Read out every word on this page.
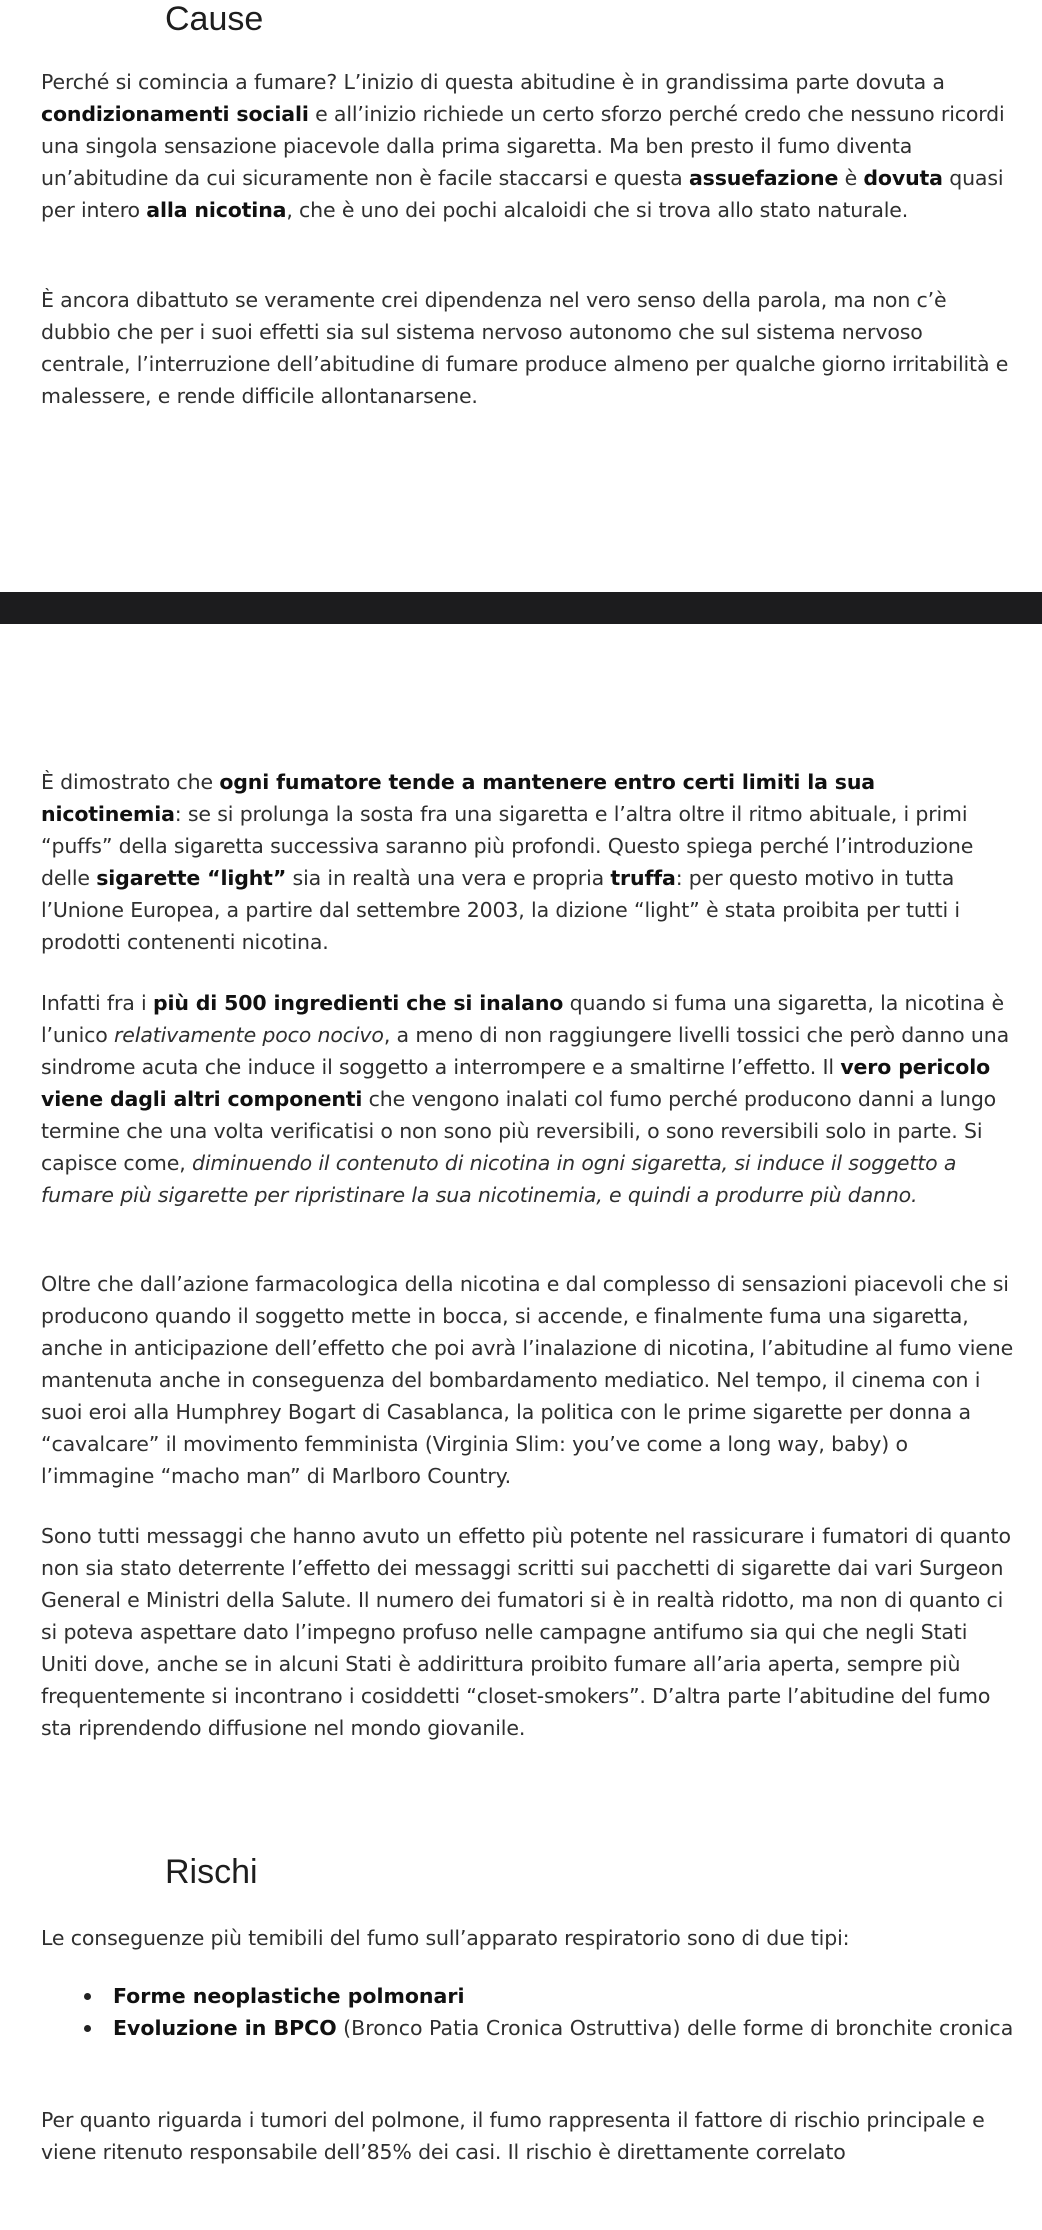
Cause

Perché si comincia a fumare? L’inizio di questa abitudine è in grandissima parte dovuta a condizionamenti sociali e all’inizio richiede un certo sforzo perché credo che nessuno ricordi una singola sensazione piacevole dalla prima sigaretta. Ma ben presto il fumo diventa un’abitudine da cui sicuramente non è facile staccarsi e questa assuefazione è dovuta quasi per intero alla nicotina, che è uno dei pochi alcaloidi che si trova allo stato naturale.

È ancora dibattuto se veramente crei dipendenza nel vero senso della parola, ma non c’è dubbio che per i suoi effetti sia sul sistema nervoso autonomo che sul sistema nervoso centrale, l’interruzione dell’abitudine di fumare produce almeno per qualche giorno irritabilità e malessere, e rende difficile allontanarsene.

È dimostrato che ogni fumatore tende a mantenere entro certi limiti la sua nicotinemia: se si prolunga la sosta fra una sigaretta e l’altra oltre il ritmo abituale, i primi “puffs” della sigaretta successiva saranno più profondi. Questo spiega perché l’introduzione delle sigarette “light” sia in realtà una vera e propria truffa: per questo motivo in tutta l’Unione Europea, a partire dal settembre 2003, la dizione “light” è stata proibita per tutti i prodotti contenenti nicotina.

Infatti fra i più di 500 ingredienti che si inalano quando si fuma una sigaretta, la nicotina è l’unico relativamente poco nocivo, a meno di non raggiungere livelli tossici che però danno una sindrome acuta che induce il soggetto a interrompere e a smaltirne l’effetto. Il vero pericolo viene dagli altri componenti che vengono inalati col fumo perché producono danni a lungo termine che una volta verificatisi o non sono più reversibili, o sono reversibili solo in parte. Si capisce come, diminuendo il contenuto di nicotina in ogni sigaretta, si induce il soggetto a fumare più sigarette per ripristinare la sua nicotinemia, e quindi a produrre più danno.

Oltre che dall’azione farmacologica della nicotina e dal complesso di sensazioni piacevoli che si producono quando il soggetto mette in bocca, si accende, e finalmente fuma una sigaretta, anche in anticipazione dell’effetto che poi avrà l’inalazione di nicotina, l’abitudine al fumo viene mantenuta anche in conseguenza del bombardamento mediatico. Nel tempo, il cinema con i suoi eroi alla Humphrey Bogart di Casablanca, la politica con le prime sigarette per donna a “cavalcare” il movimento femminista (Virginia Slim: you’ve come a long way, baby) o l’immagine “macho man” di Marlboro Country.

Sono tutti messaggi che hanno avuto un effetto più potente nel rassicurare i fumatori di quanto non sia stato deterrente l’effetto dei messaggi scritti sui pacchetti di sigarette dai vari Surgeon General e Ministri della Salute. Il numero dei fumatori si è in realtà ridotto, ma non di quanto ci si poteva aspettare dato l’impegno profuso nelle campagne antifumo sia qui che negli Stati Uniti dove, anche se in alcuni Stati è addirittura proibito fumare all’aria aperta, sempre più frequentemente si incontrano i cosiddetti “closet-smokers”. D’altra parte l’abitudine del fumo sta riprendendo diffusione nel mondo giovanile.

Rischi

Le conseguenze più temibili del fumo sull’apparato respiratorio sono di due tipi:

Forme neoplastiche polmonari
Evoluzione in BPCO (Bronco Patia Cronica Ostruttiva) delle forme di bronchite cronica

Per quanto riguarda i tumori del polmone, il fumo rappresenta il fattore di rischio principale e viene ritenuto responsabile dell’85% dei casi. Il rischio è direttamente correlato
